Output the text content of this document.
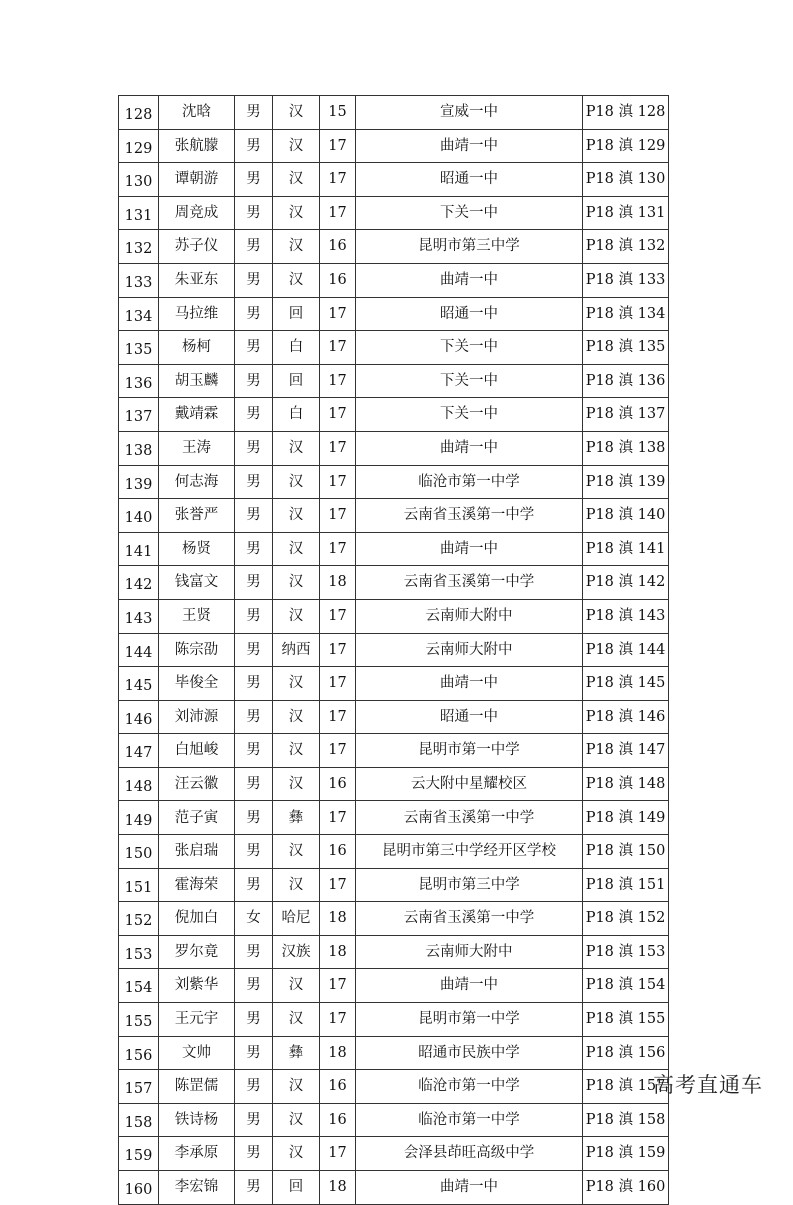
128	沈晗	男	汉	15	宣威一中	P18 滇 128
129	张航朦	男	汉	17	曲靖一中	P18 滇 129
130	谭朝游	男	汉	17	昭通一中	P18 滇 130
131	周竞成	男	汉	17	下关一中	P18 滇 131
132	苏子仪	男	汉	16	昆明市第三中学	P18 滇 132
133	朱亚东	男	汉	16	曲靖一中	P18 滇 133
134	马拉维	男	回	17	昭通一中	P18 滇 134
135	杨柯	男	白	17	下关一中	P18 滇 135
136	胡玉麟	男	回	17	下关一中	P18 滇 136
137	戴靖霖	男	白	17	下关一中	P18 滇 137
138	王涛	男	汉	17	曲靖一中	P18 滇 138
139	何志海	男	汉	17	临沧市第一中学	P18 滇 139
140	张誉严	男	汉	17	云南省玉溪第一中学	P18 滇 140
141	杨贤	男	汉	17	曲靖一中	P18 滇 141
142	钱富文	男	汉	18	云南省玉溪第一中学	P18 滇 142
143	王贤	男	汉	17	云南师大附中	P18 滇 143
144	陈宗劭	男	纳西	17	云南师大附中	P18 滇 144
145	毕俊全	男	汉	17	曲靖一中	P18 滇 145
146	刘沛源	男	汉	17	昭通一中	P18 滇 146
147	白旭峻	男	汉	17	昆明市第一中学	P18 滇 147
148	汪云徽	男	汉	16	云大附中星耀校区	P18 滇 148
149	范子寅	男	彝	17	云南省玉溪第一中学	P18 滇 149
150	张启瑞	男	汉	16	昆明市第三中学经开区学校	P18 滇 150
151	霍海荣	男	汉	17	昆明市第三中学	P18 滇 151
152	倪加白	女	哈尼	18	云南省玉溪第一中学	P18 滇 152
153	罗尔竟	男	汉族	18	云南师大附中	P18 滇 153
154	刘紫华	男	汉	17	曲靖一中	P18 滇 154
155	王元宇	男	汉	17	昆明市第一中学	P18 滇 155
156	文帅	男	彝	18	昭通市民族中学	P18 滇 156
157	陈罡儒	男	汉	16	临沧市第一中学	P18 滇 157
158	铁诗杨	男	汉	16	临沧市第一中学	P18 滇 158
159	李承原	男	汉	17	会泽县茚旺高级中学	P18 滇 159
160	李宏锦	男	回	18	曲靖一中	P18 滇 160
高考直通车
